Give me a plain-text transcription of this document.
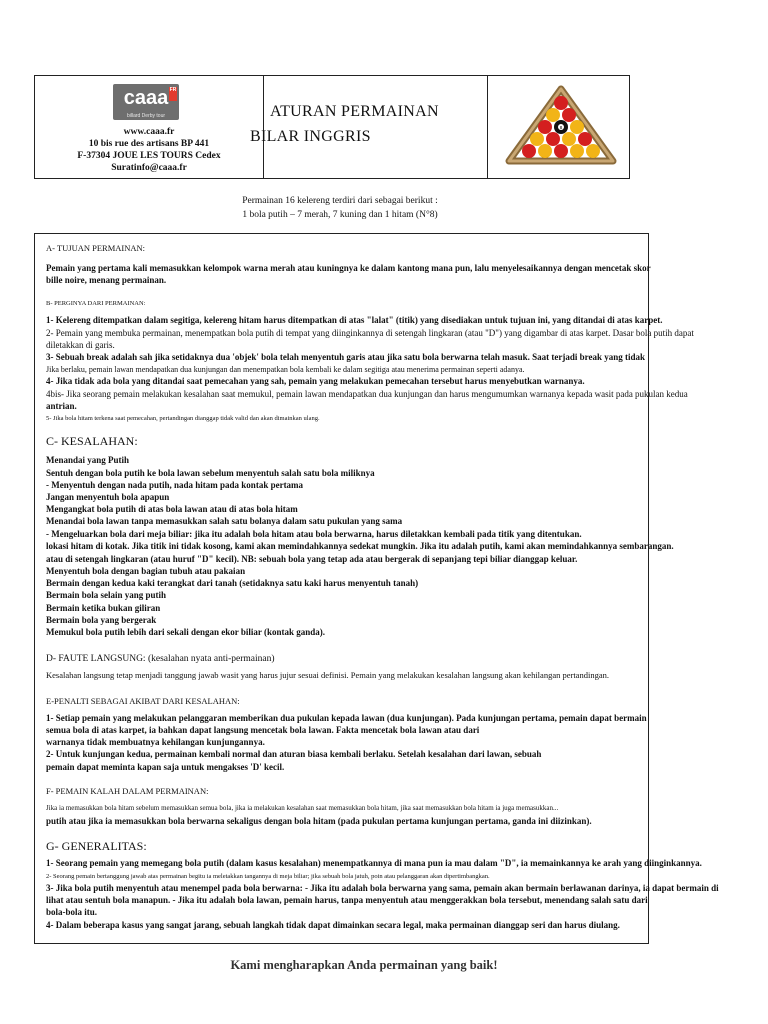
caaa FR
billard Derby tour
www.caaa.fr
10 bis rue des artisans BP 441
F-37304 JOUE LES TOURS Cedex
Suratinfo@caaa.fr
8
ATURAN PERMAINAN
BILAR INGGRIS
Permainan 16 kelereng terdiri dari sebagai berikut :
1 bola putih – 7 merah, 7 kuning dan 1 hitam (N°8)
A- TUJUAN PERMAINAN:
Pemain yang pertama kali memasukkan kelompok warna merah atau kuningnya ke dalam kantong mana pun, lalu menyelesaikannya dengan mencetak skor
bille noire, menang permainan.
B- PERGINYA DARI PERMAINAN:
1- Kelereng ditempatkan dalam segitiga, kelereng hitam harus ditempatkan di atas "lalat" (titik) yang disediakan untuk tujuan ini, yang ditandai di atas karpet.
2- Pemain yang membuka permainan, menempatkan bola putih di tempat yang diinginkannya di setengah lingkaran (atau "D") yang digambar di atas karpet. Dasar bola putih dapat
diletakkan di garis.
3- Sebuah break adalah sah jika setidaknya dua 'objek' bola telah menyentuh garis atau jika satu bola berwarna telah masuk. Saat terjadi break yang tidak
Jika berlaku, pemain lawan mendapatkan dua kunjungan dan menempatkan bola kembali ke dalam segitiga atau menerima permainan seperti adanya.
4- Jika tidak ada bola yang ditandai saat pemecahan yang sah, pemain yang melakukan pemecahan tersebut harus menyebutkan warnanya.
4bis- Jika seorang pemain melakukan kesalahan saat memukul, pemain lawan mendapatkan dua kunjungan dan harus mengumumkan warnanya kepada wasit pada pukulan kedua
antrian.
5- Jika bola hitam terkena saat pemecahan, pertandingan dianggap tidak valid dan akan dimainkan ulang.
C- KESALAHAN:
Menandai yang Putih
Sentuh dengan bola putih ke bola lawan sebelum menyentuh salah satu bola miliknya
- Menyentuh dengan nada putih, nada hitam pada kontak pertama
Jangan menyentuh bola apapun
Mengangkat bola putih di atas bola lawan atau di atas bola hitam
Menandai bola lawan tanpa memasukkan salah satu bolanya dalam satu pukulan yang sama
- Mengeluarkan bola dari meja biliar: jika itu adalah bola hitam atau bola berwarna, harus diletakkan kembali pada titik yang ditentukan.
lokasi hitam di kotak. Jika titik ini tidak kosong, kami akan memindahkannya sedekat mungkin. Jika itu adalah putih, kami akan memindahkannya sembarangan.
atau di setengah lingkaran (atau huruf "D" kecil). NB: sebuah bola yang tetap ada atau bergerak di sepanjang tepi biliar dianggap keluar.
Menyentuh bola dengan bagian tubuh atau pakaian
Bermain dengan kedua kaki terangkat dari tanah (setidaknya satu kaki harus menyentuh tanah)
Bermain bola selain yang putih
Bermain ketika bukan giliran
Bermain bola yang bergerak
Memukul bola putih lebih dari sekali dengan ekor biliar (kontak ganda).
D- FAUTE LANGSUNG: (kesalahan nyata anti-permainan)
Kesalahan langsung tetap menjadi tanggung jawab wasit yang harus jujur sesuai definisi. Pemain yang melakukan kesalahan langsung akan kehilangan pertandingan.
E-PENALTI SEBAGAI AKIBAT DARI KESALAHAN:
1- Setiap pemain yang melakukan pelanggaran memberikan dua pukulan kepada lawan (dua kunjungan). Pada kunjungan pertama, pemain dapat bermain
semua bola di atas karpet, ia bahkan dapat langsung mencetak bola lawan. Fakta mencetak bola lawan atau dari
warnanya tidak membuatnya kehilangan kunjungannya.
2- Untuk kunjungan kedua, permainan kembali normal dan aturan biasa kembali berlaku. Setelah kesalahan dari lawan, sebuah
pemain dapat meminta kapan saja untuk mengakses 'D' kecil.
F- PEMAIN KALAH DALAM PERMAINAN:
Jika ia memasukkan bola hitam sebelum memasukkan semua bola, jika ia melakukan kesalahan saat memasukkan bola hitam, jika saat memasukkan bola hitam ia juga memasukkan...
putih atau jika ia memasukkan bola berwarna sekaligus dengan bola hitam (pada pukulan pertama kunjungan pertama, ganda ini diizinkan).
G- GENERALITAS:
1- Seorang pemain yang memegang bola putih (dalam kasus kesalahan) menempatkannya di mana pun ia mau dalam "D", ia memainkannya ke arah yang diinginkannya.
2- Seorang pemain bertanggung jawab atas permainan begitu ia meletakkan tangannya di meja biliar; jika sebuah bola jatuh, poin atau pelanggaran akan dipertimbangkan.
3- Jika bola putih menyentuh atau menempel pada bola berwarna: - Jika itu adalah bola berwarna yang sama, pemain akan bermain berlawanan darinya, ia dapat bermain di
lihat atau sentuh bola manapun. - Jika itu adalah bola lawan, pemain harus, tanpa menyentuh atau menggerakkan bola tersebut, menendang salah satu dari
bola-bola itu.
4- Dalam beberapa kasus yang sangat jarang, sebuah langkah tidak dapat dimainkan secara legal, maka permainan dianggap seri dan harus diulang.
Kami mengharapkan Anda permainan yang baik!
